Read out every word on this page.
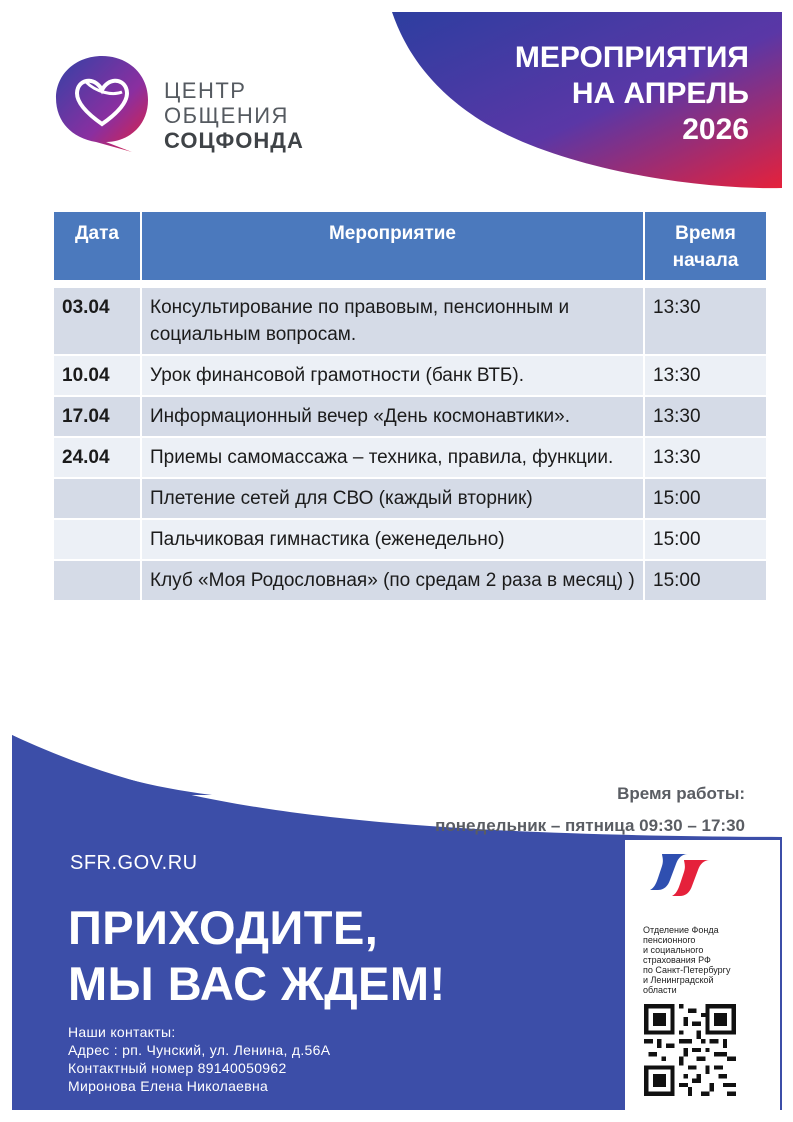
МЕРОПРИЯТИЯ
НА АПРЕЛЬ
2026
ЦЕНТР
ОБЩЕНИЯ
СОЦФОНДА
Дата	Мероприятие	Время начала

03.04	Консультирование по правовым, пенсионным и социальным вопросам.	13:30
10.04	Урок финансовой грамотности (банк ВТБ).	13:30
17.04	Информационный вечер «День космонавтики».	13:30
24.04	Приемы самомассажа – техника, правила, функции.	13:30
	Плетение сетей для СВО (каждый вторник)	15:00
	Пальчиковая гимнастика (еженедельно)	15:00
	Клуб «Моя Родословная» (по средам 2 раза в месяц) )	15:00
Время работы:
понедельник – пятница 09:30 – 17:30
SFR.GOV.RU
ПРИХОДИТЕ,
МЫ ВАС ЖДЕМ!
Наши контакты:
Адрес : рп. Чунский, ул. Ленина, д.56А
Контактный номер 89140050962
Миронова Елена Николаевна
Отделение Фонда
пенсионного
и социального
страхования РФ
по Санкт-Петербургу
и Ленинградской
области
